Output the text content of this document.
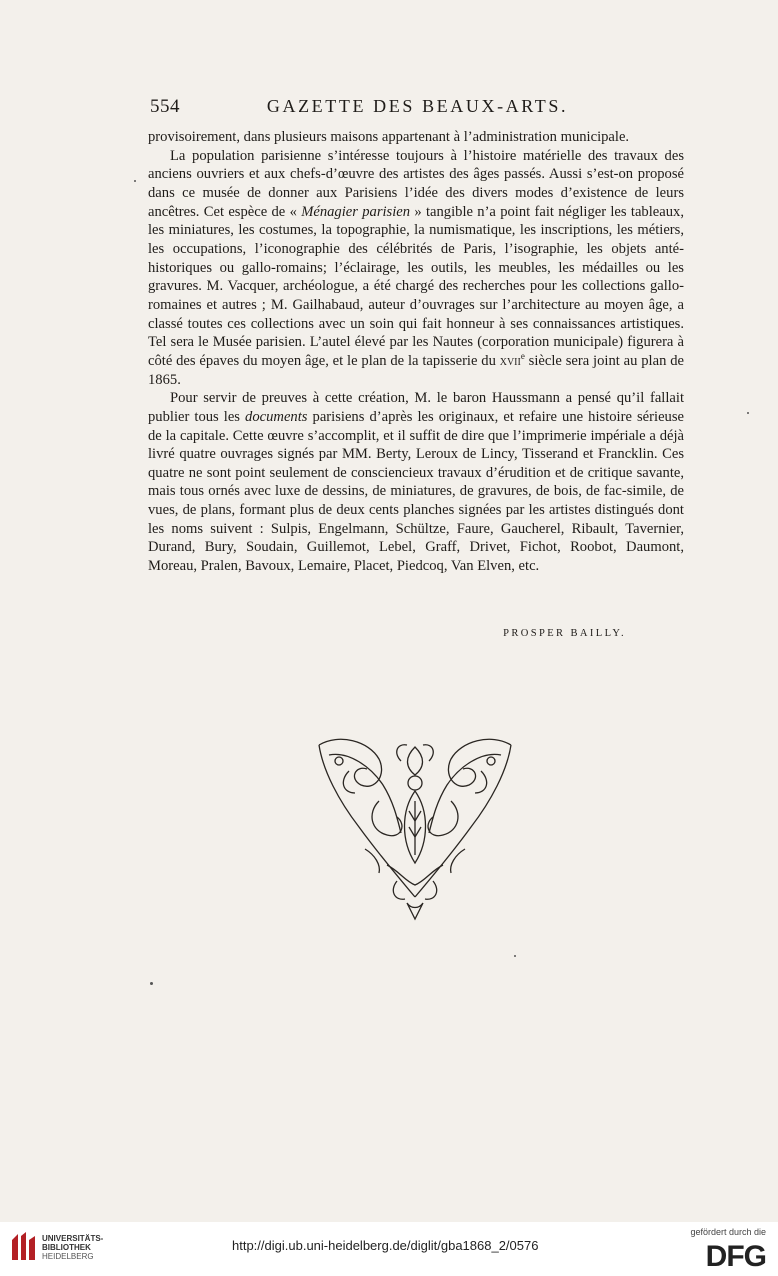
554	GAZETTE DES BEAUX-ARTS.

provisoirement, dans plusieurs maisons appartenant à l’administration municipale.

La population parisienne s’intéresse toujours à l’histoire matérielle des travaux des anciens ouvriers et aux chefs-d’œuvre des artistes des âges passés. Aussi s’est-on proposé dans ce musée de donner aux Parisiens l’idée des divers modes d’existence de leurs ancêtres. Cet espèce de « Ménagier parisien » tangible n’a point fait négliger les tableaux, les miniatures, les costumes, la topographie, la numismatique, les inscriptions, les métiers, les occupations, l’iconographie des célébrités de Paris, l’isographie, les objets anté-historiques ou gallo-romains; l’éclairage, les outils, les meubles, les médailles ou les gravures. M. Vacquer, archéologue, a été chargé des recherches pour les collections gallo-romaines et autres ; M. Gailhabaud, auteur d’ouvrages sur l’architecture au moyen âge, a classé toutes ces collections avec un soin qui fait honneur à ses connaissances artistiques. Tel sera le Musée parisien. L’autel élevé par les Nautes (corporation municipale) figurera à côté des épaves du moyen âge, et le plan de la tapisserie du xvii$^e$ siècle sera joint au plan de 1865.

Pour servir de preuves à cette création, M. le baron Haussmann a pensé qu’il fallait publier tous les documents parisiens d’après les originaux, et refaire une histoire sérieuse de la capitale. Cette œuvre s’accomplit, et il suffit de dire que l’imprimerie impériale a déjà livré quatre ouvrages signés par MM. Berty, Leroux de Lincy, Tisserand et Francklin. Ces quatre ne sont point seulement de consciencieux travaux d’érudition et de critique savante, mais tous ornés avec luxe de dessins, de miniatures, de gravures, de bois, de fac-simile, de vues, de plans, formant plus de deux cents planches signées par les artistes distingués dont les noms suivent : Sulpis, Engelmann, Schültze, Faure, Gaucherel, Ribault, Tavernier, Durand, Bury, Soudain, Guillemot, Lebel, Graff, Drivet, Fichot, Roobot, Daumont, Moreau, Pralen, Bavoux, Lemaire, Placet, Piedcoq, Van Elven, etc.

PROSPER BAILLY.
UNIVERSITÄTS-
BIBLIOTHEK
HEIDELBERG
http://digi.ub.uni-heidelberg.de/diglit/gba1868_2/0576
gefördert durch die
DFG
